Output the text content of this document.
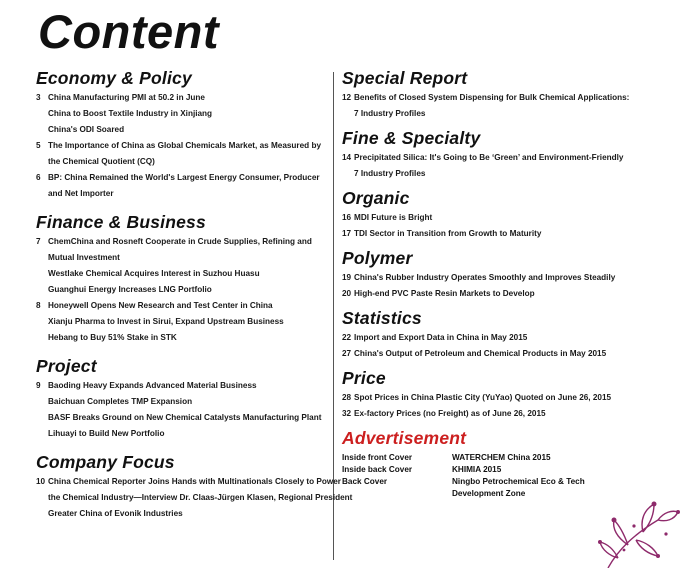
Content
Economy & Policy
3 China Manufacturing PMI at 50.2 in June
China to Boost Textile Industry in Xinjiang
China's ODI Soared
5 The Importance of China as Global Chemicals Market, as Measured by
the Chemical Quotient (CQ)
6 BP: China Remained the World's Largest Energy Consumer, Producer
and Net Importer
Finance & Business
7 ChemChina and Rosneft Cooperate in Crude Supplies, Refining and
Mutual Investment
Westlake Chemical Acquires Interest in Suzhou Huasu
Guanghui Energy Increases LNG Portfolio
8 Honeywell Opens New Research and Test Center in China
Xianju Pharma to Invest in Sirui, Expand Upstream Business
Hebang to Buy 51% Stake in STK
Project
9 Baoding Heavy Expands Advanced Material Business
Baichuan Completes TMP Expansion
BASF Breaks Ground on New Chemical Catalysts Manufacturing Plant
Lihuayi to Build New Portfolio
Company Focus
10 China Chemical Reporter Joins Hands with Multinationals Closely to Power
the Chemical Industry—Interview Dr. Claas-Jürgen Klasen, Regional President
Greater China of Evonik Industries
Special Report
12 Benefits of Closed System Dispensing for Bulk Chemical Applications:
7 Industry Profiles
Fine & Specialty
14 Precipitated Silica: It's Going to Be ‘Green’ and Environment-Friendly
7 Industry Profiles
Organic
16 MDI Future is Bright
17 TDI Sector in Transition from Growth to Maturity
Polymer
19 China's Rubber Industry Operates Smoothly and Improves Steadily
20 High-end PVC Paste Resin Markets to Develop
Statistics
22 Import and Export Data in China in May 2015
27 China's Output of Petroleum and Chemical Products in May 2015
Price
28 Spot Prices in China Plastic City (YuYao) Quoted on June 26, 2015
32 Ex-factory Prices (no Freight) as of June 26, 2015
Advertisement
Inside front Cover	WATERCHEM China 2015
Inside back Cover	KHIMIA 2015
Back Cover	Ningbo Petrochemical Eco & Tech
Development Zone
